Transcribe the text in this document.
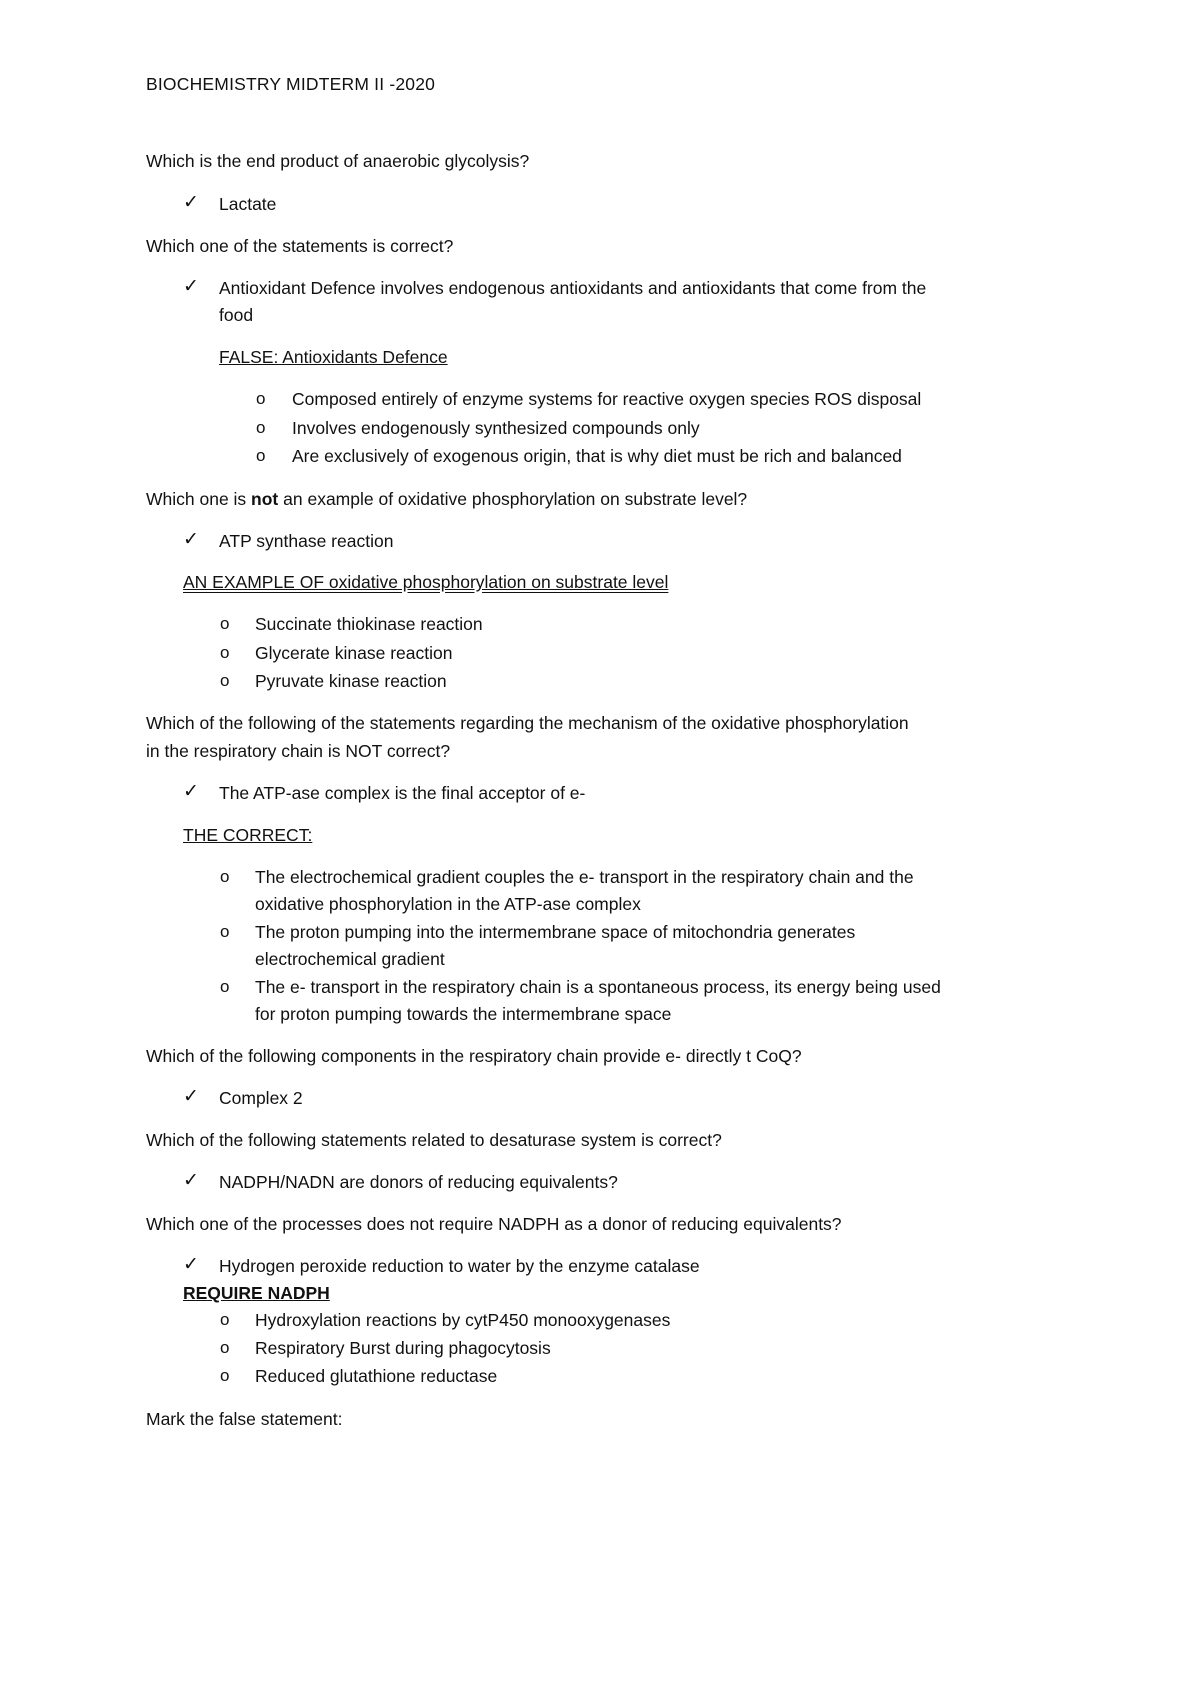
BIOCHEMISTRY MIDTERM II -2020
Which is the end product of anaerobic glycolysis?
✓ Lactate
Which one of the statements is correct?
✓ Antioxidant Defence involves endogenous antioxidants and antioxidants that come from the
food
FALSE: Antioxidants Defence
o Composed entirely of enzyme systems for reactive oxygen species ROS disposal
o Involves endogenously synthesized compounds only
o Are exclusively of exogenous origin, that is why diet must be rich and balanced
Which one is not an example of oxidative phosphorylation on substrate level?
✓ ATP synthase reaction
AN EXAMPLE OF oxidative phosphorylation on substrate level
o Succinate thiokinase reaction
o Glycerate kinase reaction
o Pyruvate kinase reaction
Which of the following of the statements regarding the mechanism of the oxidative phosphorylation
in the respiratory chain is NOT correct?
✓ The ATP-ase complex is the final acceptor of e-
THE CORRECT:
o The electrochemical gradient couples the e- transport in the respiratory chain and the
oxidative phosphorylation in the ATP-ase complex
o The proton pumping into the intermembrane space of mitochondria generates
electrochemical gradient
o The e- transport in the respiratory chain is a spontaneous process, its energy being used
for proton pumping towards the intermembrane space
Which of the following components in the respiratory chain provide e- directly t CoQ?
✓ Complex 2
Which of the following statements related to desaturase system is correct?
✓ NADPH/NADN are donors of reducing equivalents?
Which one of the processes does not require NADPH as a donor of reducing equivalents?
✓ Hydrogen peroxide reduction to water by the enzyme catalase
REQUIRE NADPH
o Hydroxylation reactions by cytP450 monooxygenases
o Respiratory Burst during phagocytosis
o Reduced glutathione reductase
Mark the false statement:
